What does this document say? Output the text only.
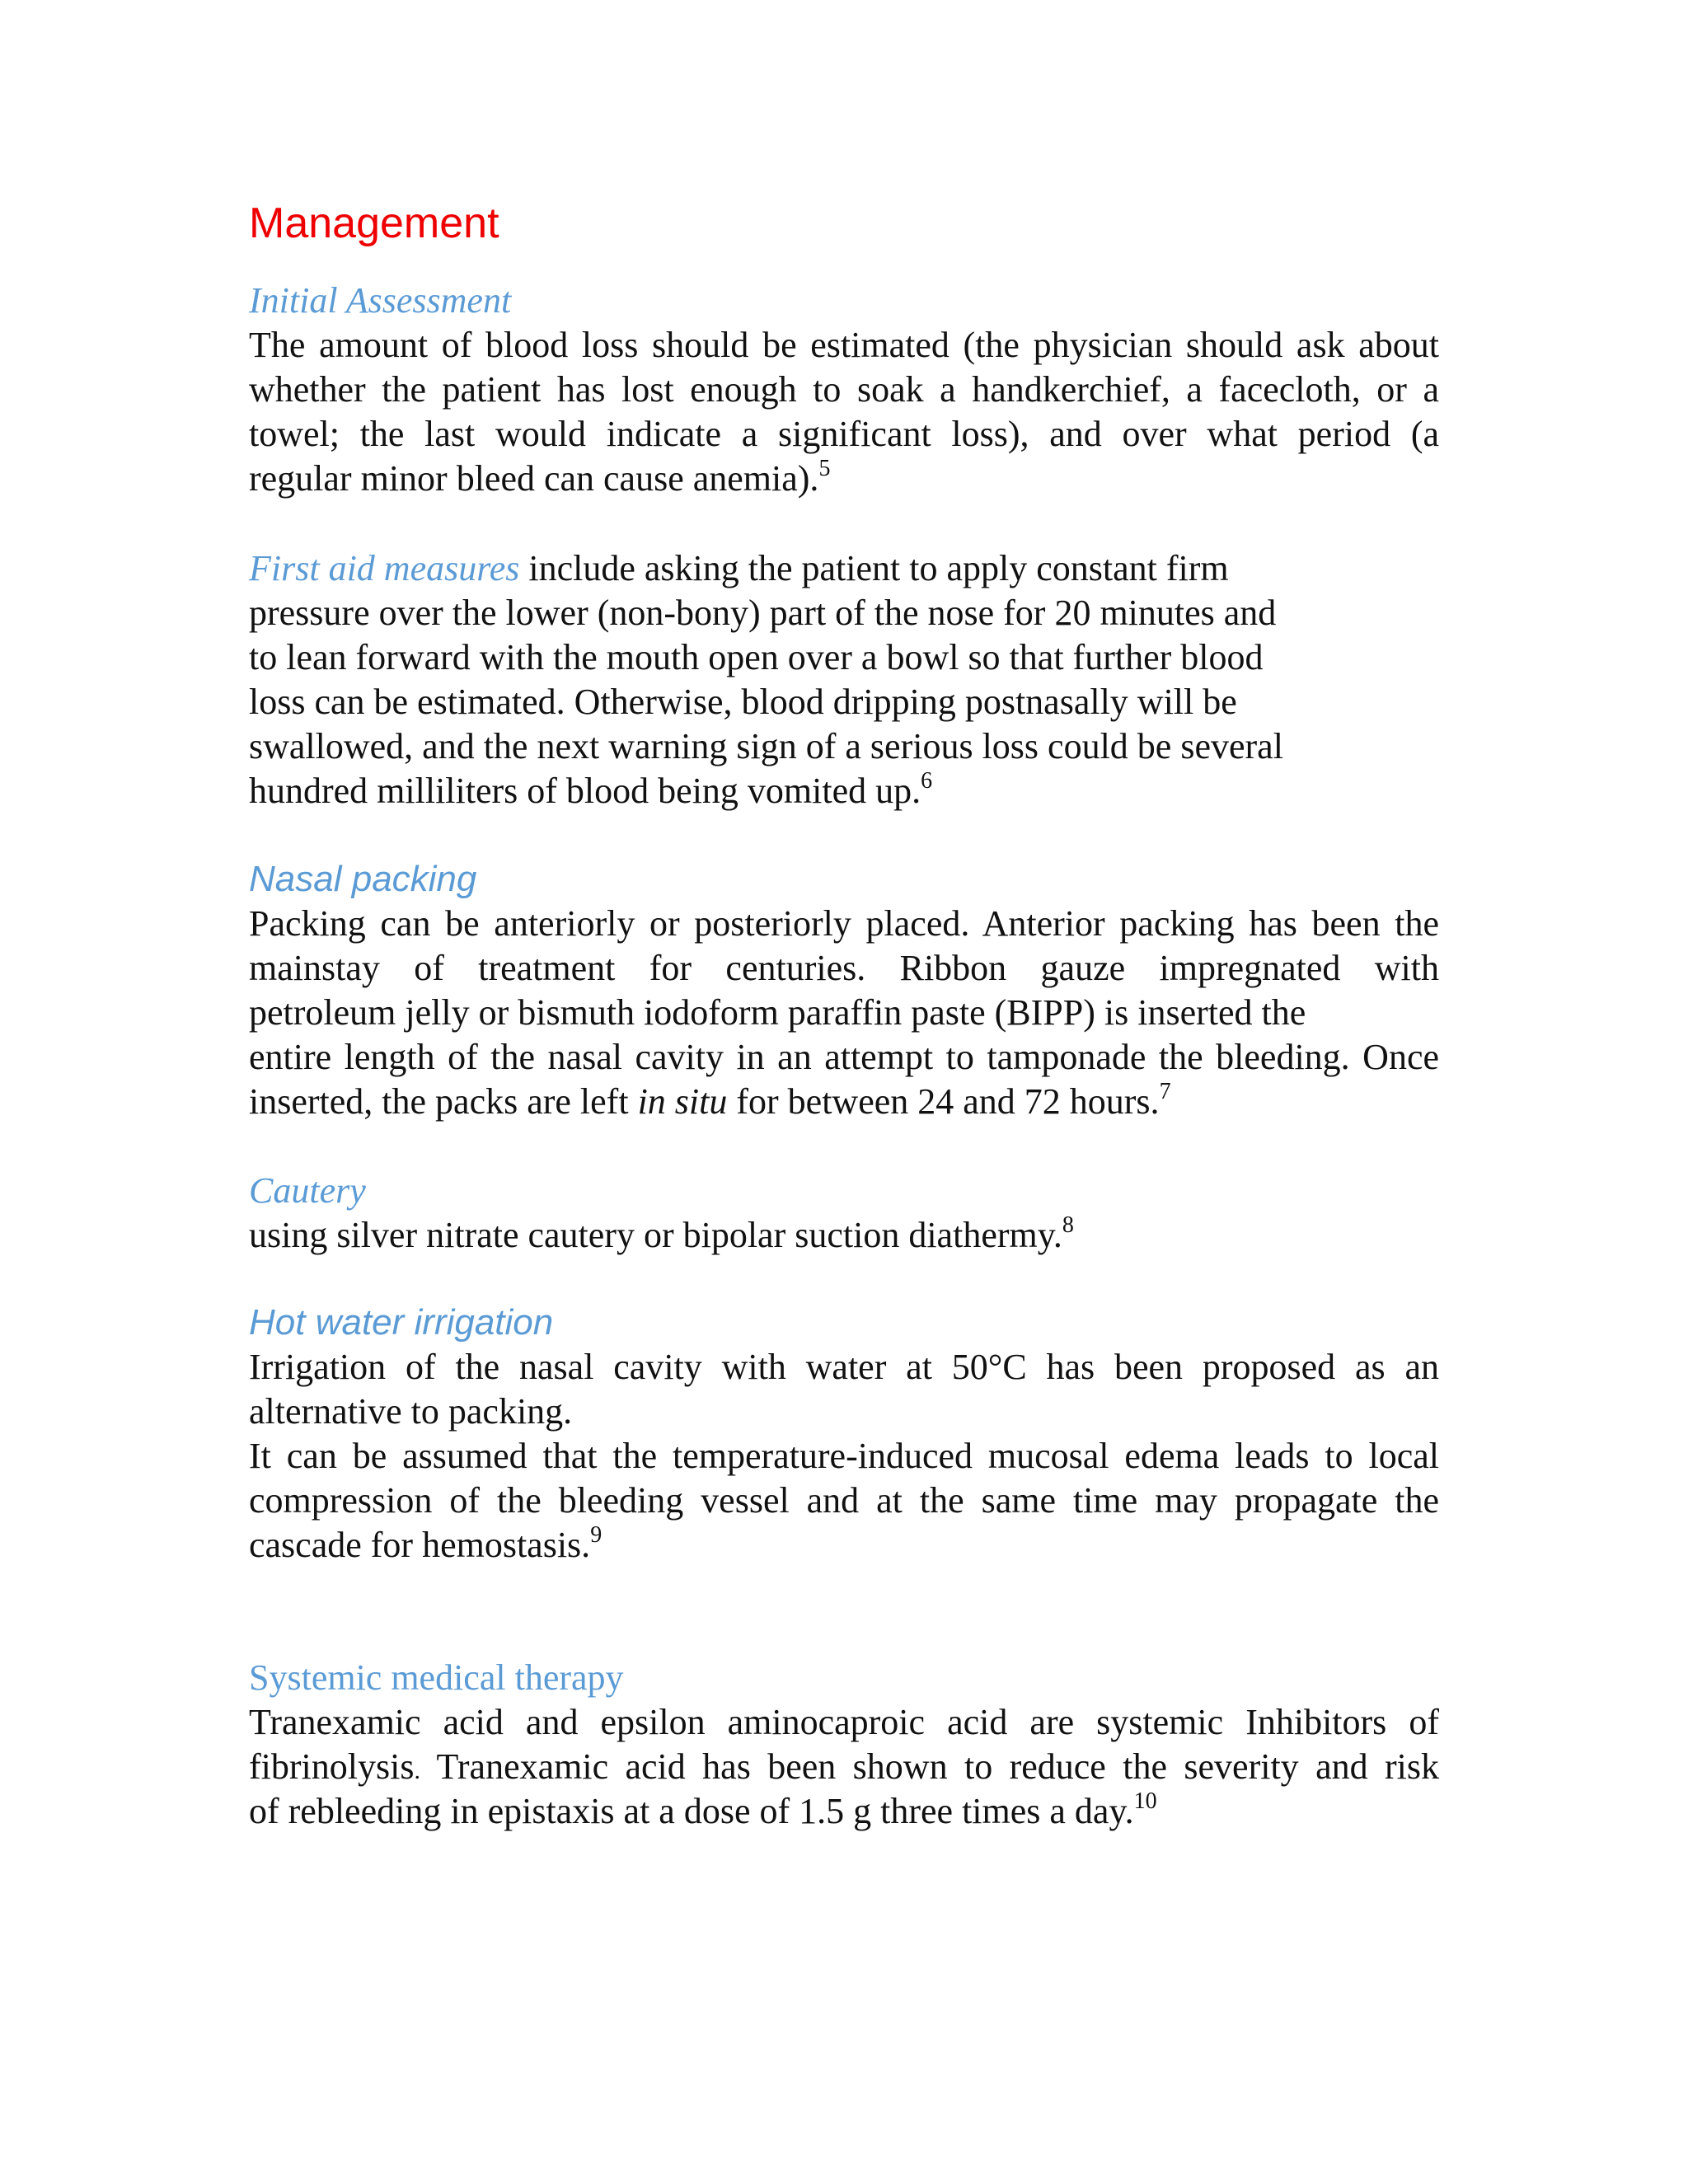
Management
Initial Assessment
The amount of blood loss should be estimated (the physician should ask about
whether the patient has lost enough to soak a handkerchief, a facecloth, or a
towel; the last would indicate a significant loss), and over what period (a
regular minor bleed can cause anemia).$^5$
First aid measures include asking the patient to apply constant firm
pressure over the lower (non-bony) part of the nose for 20 minutes and
to lean forward with the mouth open over a bowl so that further blood
loss can be estimated. Otherwise, blood dripping postnasally will be
swallowed, and the next warning sign of a serious loss could be several
hundred milliliters of blood being vomited up.$^6$
Nasal packing
Packing can be anteriorly or posteriorly placed. Anterior packing has been the
mainstay of treatment for centuries. Ribbon gauze impregnated with
petroleum jelly or bismuth iodoform paraffin paste (BIPP) is inserted the
entire length of the nasal cavity in an attempt to tamponade the bleeding. Once
inserted, the packs are left in situ for between 24 and 72 hours.$^7$
Cautery
using silver nitrate cautery or bipolar suction diathermy.$^8$
Hot water irrigation
Irrigation of the nasal cavity with water at 50°C has been proposed as an
alternative to packing.
It can be assumed that the temperature-induced mucosal edema leads to local
compression of the bleeding vessel and at the same time may propagate the
cascade for hemostasis.$^9$
Systemic medical therapy
Tranexamic acid and epsilon aminocaproic acid are systemic Inhibitors of
fibrinolysis. Tranexamic acid has been shown to reduce the severity and risk
of rebleeding in epistaxis at a dose of 1.5 g three times a day.$^{10}$
